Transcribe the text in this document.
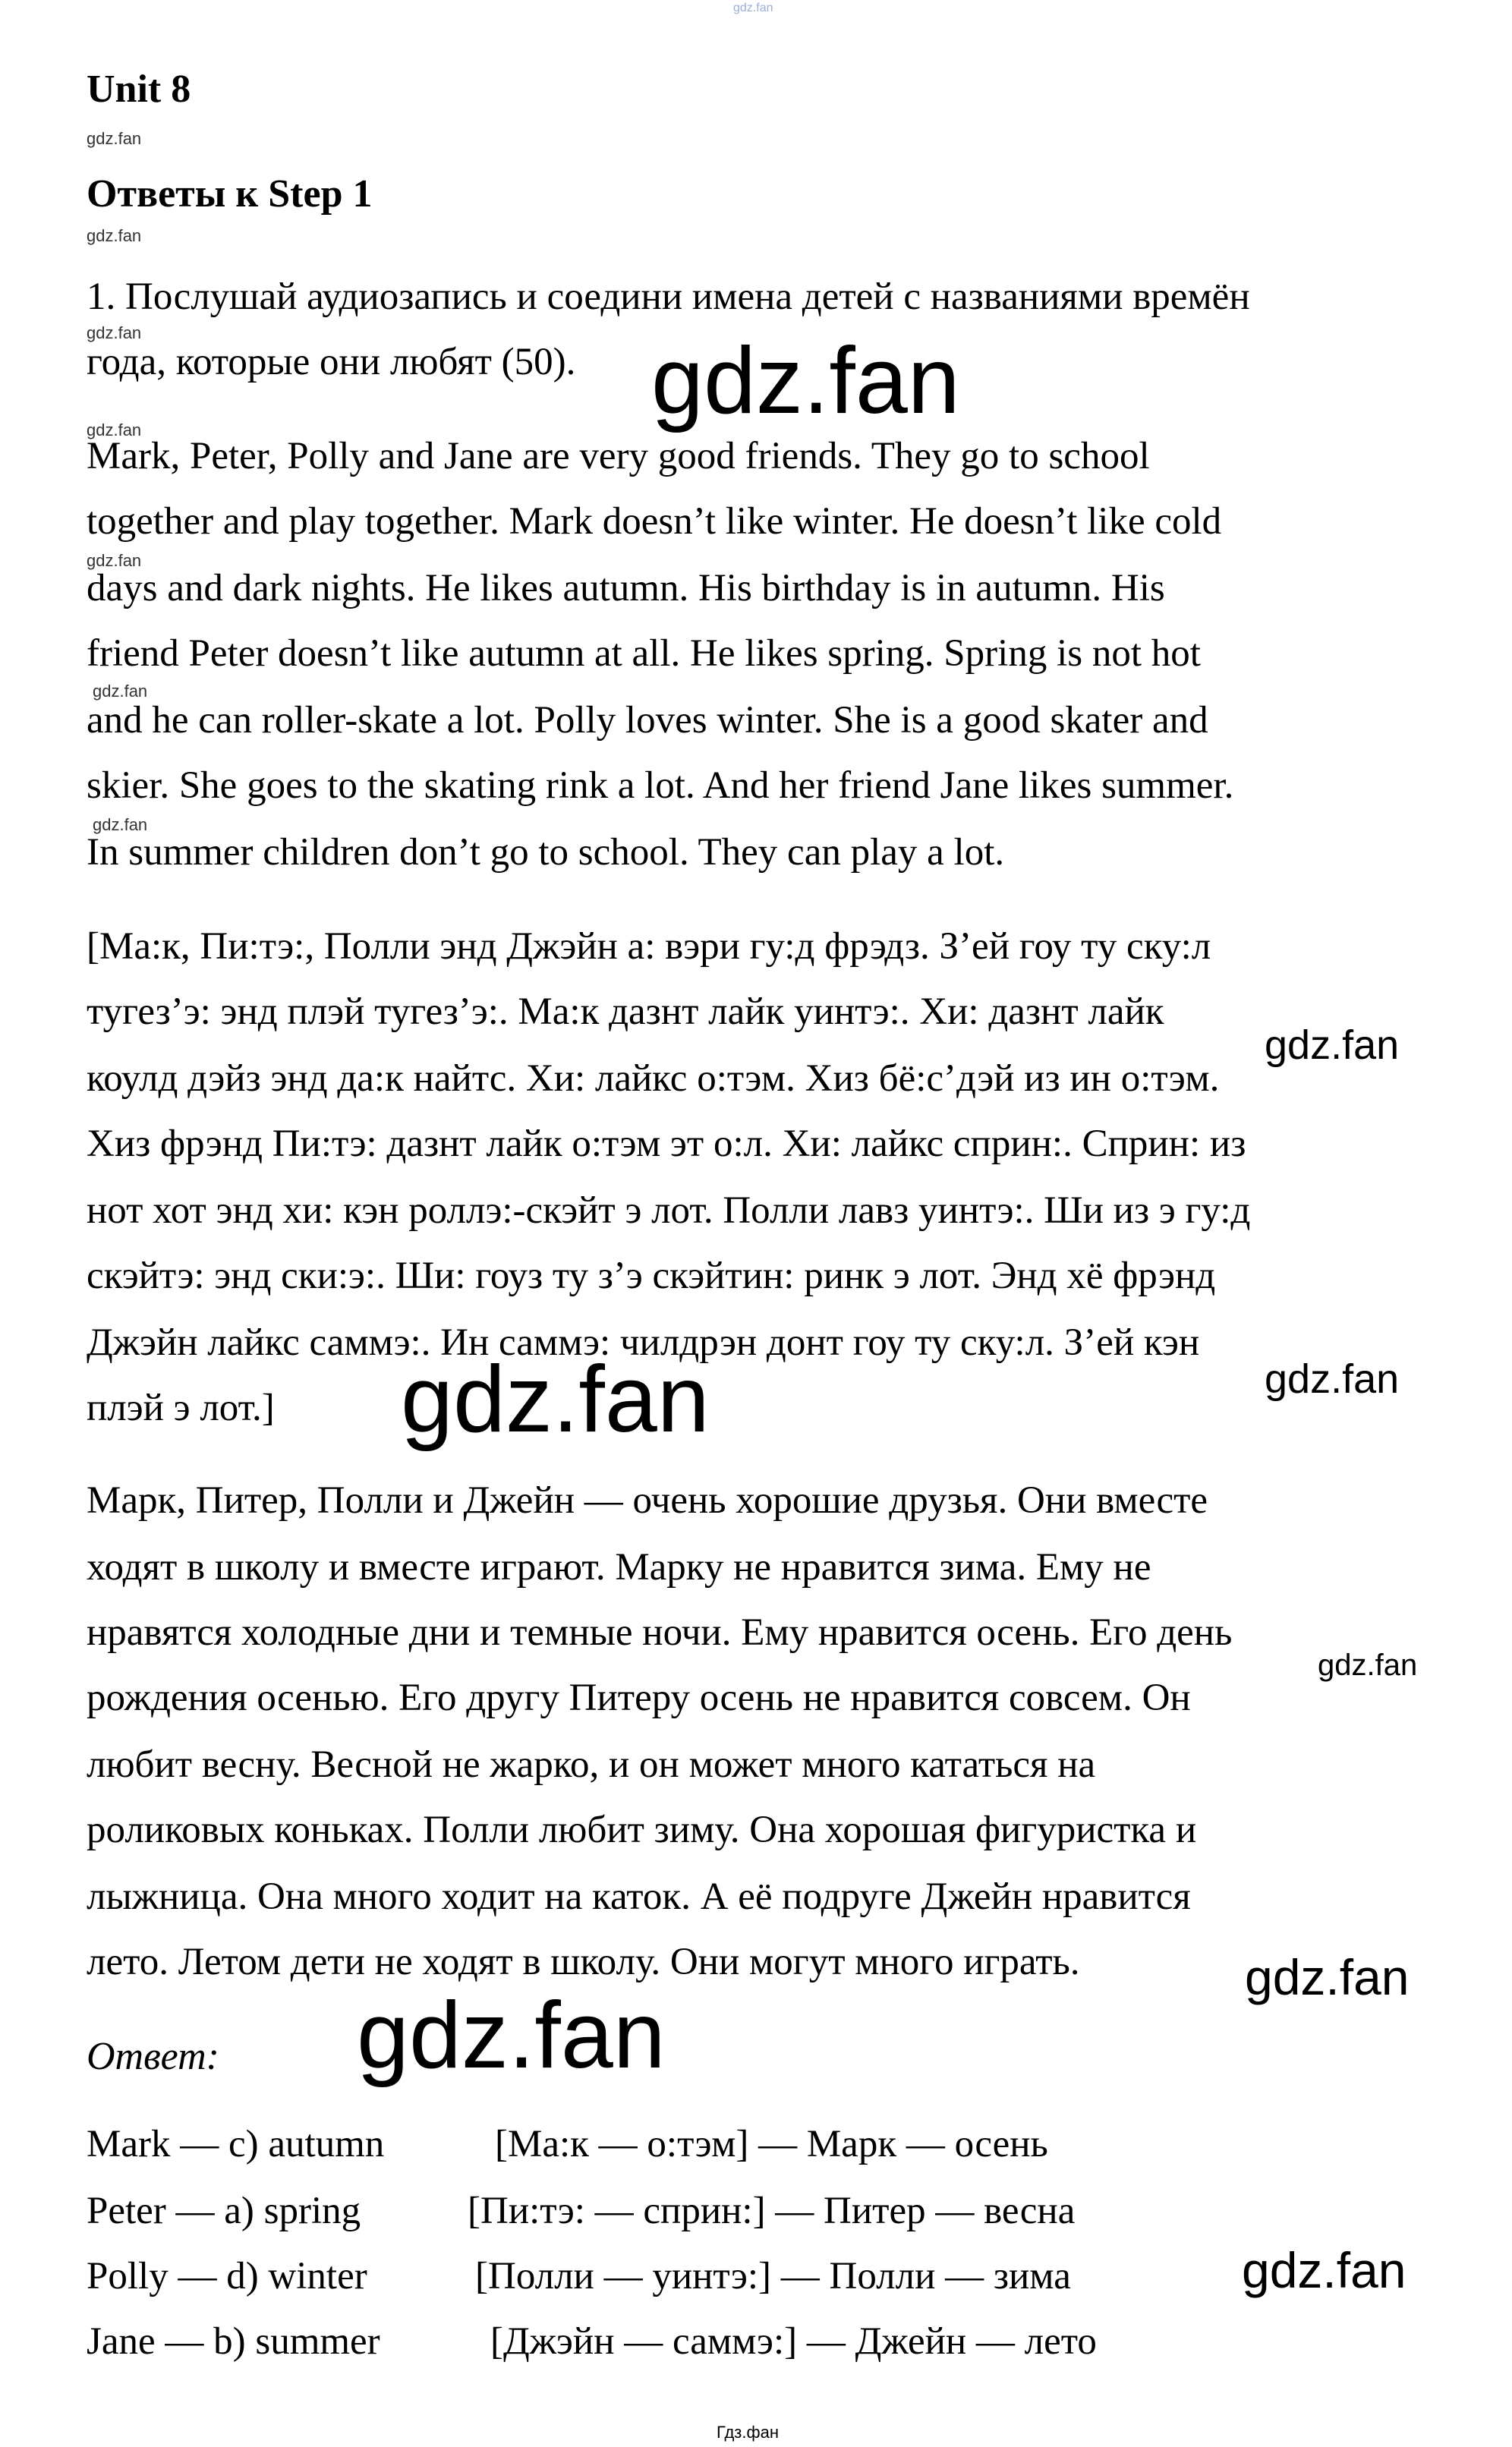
gdz.fan
Unit 8
gdz.fan
Ответы к Step 1
gdz.fan
1. Послушай аудиозапись и соедини имена детей с названиями времён
gdz.fan
года, которые они любят (50). gdz.fan
gdz.fan
Mark, Peter, Polly and Jane are very good friends. They go to school
together and play together. Mark doesn’t like winter. He doesn’t like cold
gdz.fan
days and dark nights. He likes autumn. His birthday is in autumn. His
friend Peter doesn’t like autumn at all. He likes spring. Spring is not hot
gdz.fan
and he can roller-skate a lot. Polly loves winter. She is a good skater and
skier. She goes to the skating rink a lot. And her friend Jane likes summer.
gdz.fan
In summer children don’t go to school. They can play a lot.
[Ма:к, Пи:тэ:, Полли энд Джэйн а: вэри гу:д фрэдз. З’ей гоу ту ску:л
тугез’э: энд плэй тугез’э:. Ма:к дазнт лайк уинтэ:. Хи: дазнт лайк
gdz.fan
коулд дэйз энд да:к найтс. Хи: лайкс о:тэм. Хиз бё:с’дэй из ин о:тэм.
Хиз фрэнд Пи:тэ: дазнт лайк о:тэм эт о:л. Хи: лайкс сприн:. Сприн: из
нот хот энд хи: кэн роллэ:-скэйт э лот. Полли лавз уинтэ:. Ши из э гу:д
скэйтэ: энд ски:э:. Ши: гоуз ту з’э скэйтин: ринк э лот. Энд хё фрэнд
Джэйн лайкс саммэ:. Ин саммэ: чилдрэн донт гоу ту ску:л. З’ей кэн
gdz.fan
плэй э лот.] gdz.fan
Марк, Питер, Полли и Джейн — очень хорошие друзья. Они вместе
ходят в школу и вместе играют. Марку не нравится зима. Ему не
нравятся холодные дни и темные ночи. Ему нравится осень. Его день
gdz.fan
рождения осенью. Его другу Питеру осень не нравится совсем. Он
любит весну. Весной не жарко, и он может много кататься на
роликовых коньках. Полли любит зиму. Она хорошая фигуристка и
лыжница. Она много ходит на каток. А её подруге Джейн нравится
лето. Летом дети не ходят в школу. Они могут много играть.	gdz.fan
Ответ: gdz.fan
Mark — c) autumn	[Ма:к — о:тэм] — Марк — осень
Peter — a) spring	[Пи:тэ: — сприн:] — Питер — весна
Polly — d) winter	[Полли — уинтэ:] — Полли — зима	gdz.fan
Jane — b) summer	[Джэйн — саммэ:] — Джейн — лето
Гдз.фан
